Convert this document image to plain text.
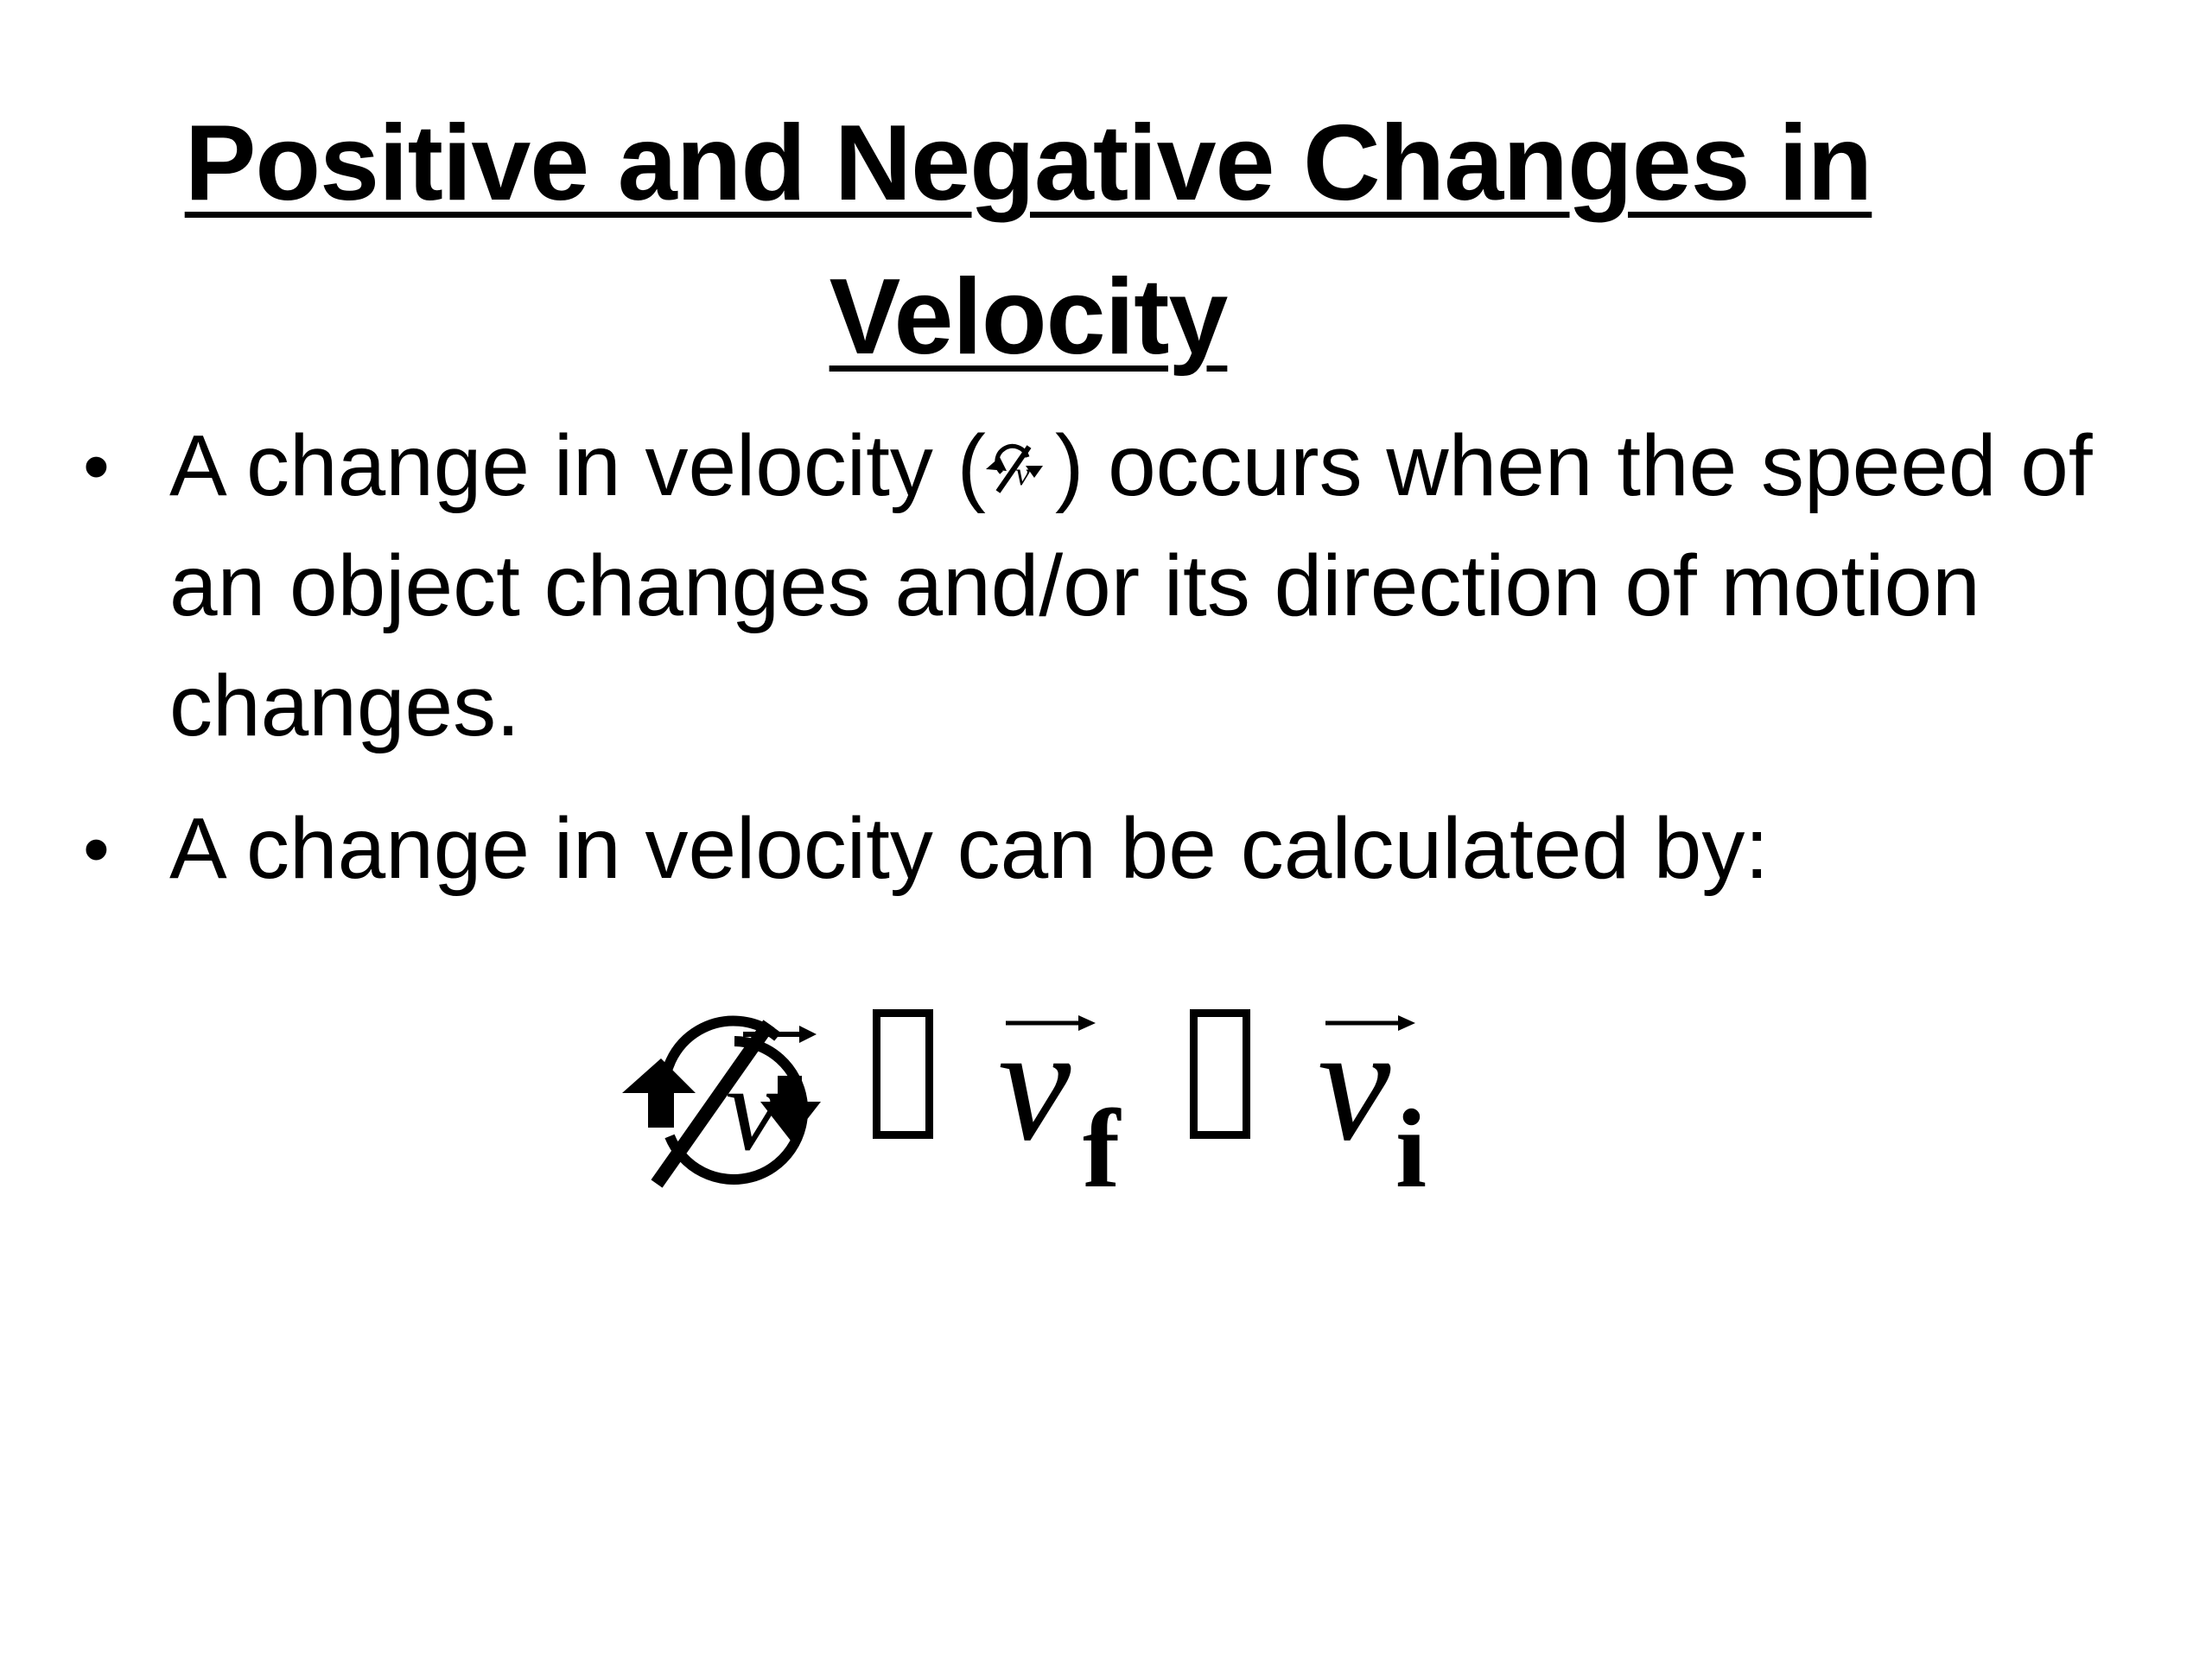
Positive and Negative Changes in
Velocity
• A change in velocity ( v ) occurs when the speed of an object changes and/or its direction of motion changes.
• A change in velocity can be calculated by:
v v f v i
